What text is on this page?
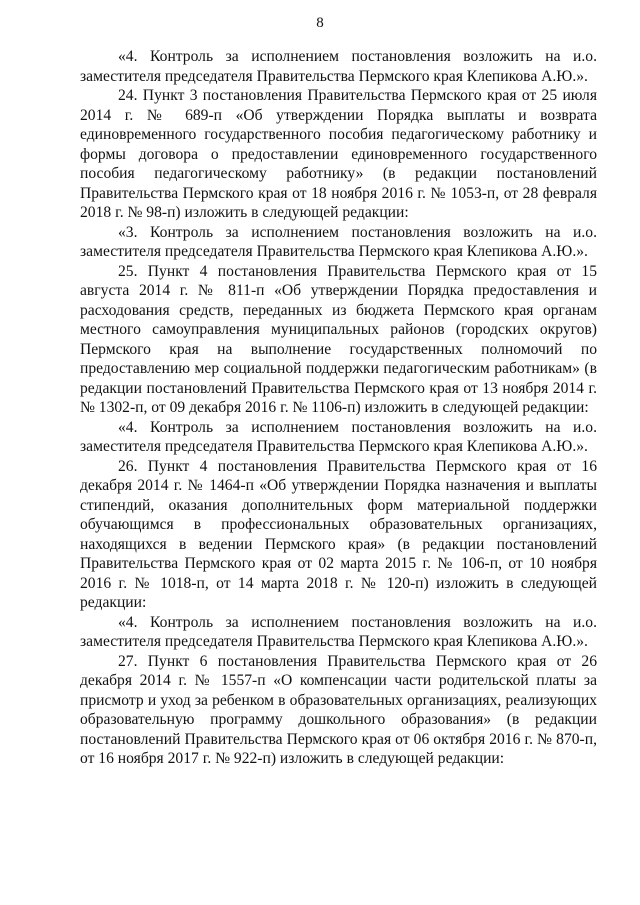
8

«4. Контроль за исполнением постановления возложить на и.о. заместителя председателя Правительства Пермского края Клепикова А.Ю.».

24. Пункт 3 постановления Правительства Пермского края от 25 июля 2014 г. № 689-п «Об утверждении Порядка выплаты и возврата единовременного государственного пособия педагогическому работнику и формы договора о предоставлении единовременного государственного пособия педагогическому работнику» (в редакции постановлений Правительства Пермского края от 18 ноября 2016 г. № 1053-п, от 28 февраля 2018 г. № 98-п) изложить в следующей редакции:

«3. Контроль за исполнением постановления возложить на и.о. заместителя председателя Правительства Пермского края Клепикова А.Ю.».

25. Пункт 4 постановления Правительства Пермского края от 15 августа 2014 г. № 811-п «Об утверждении Порядка предоставления и расходования средств, переданных из бюджета Пермского края органам местного самоуправления муниципальных районов (городских округов) Пермского края на выполнение государственных полномочий по предоставлению мер социальной поддержки педагогическим работникам» (в редакции постановлений Правительства Пермского края от 13 ноября 2014 г. № 1302-п, от 09 декабря 2016 г. № 1106-п) изложить в следующей редакции:

«4. Контроль за исполнением постановления возложить на и.о. заместителя председателя Правительства Пермского края Клепикова А.Ю.».

26. Пункт 4 постановления Правительства Пермского края от 16 декабря 2014 г. № 1464-п «Об утверждении Порядка назначения и выплаты стипендий, оказания дополнительных форм материальной поддержки обучающимся в профессиональных образовательных организациях, находящихся в ведении Пермского края» (в редакции постановлений Правительства Пермского края от 02 марта 2015 г. № 106-п, от 10 ноября 2016 г. № 1018-п, от 14 марта 2018 г. № 120-п) изложить в следующей редакции:

«4. Контроль за исполнением постановления возложить на и.о. заместителя председателя Правительства Пермского края Клепикова А.Ю.».

27. Пункт 6 постановления Правительства Пермского края от 26 декабря 2014 г. № 1557-п «О компенсации части родительской платы за присмотр и уход за ребенком в образовательных организациях, реализующих образовательную программу дошкольного образования» (в редакции постановлений Правительства Пермского края от 06 октября 2016 г. № 870-п, от 16 ноября 2017 г. № 922-п) изложить в следующей редакции:
